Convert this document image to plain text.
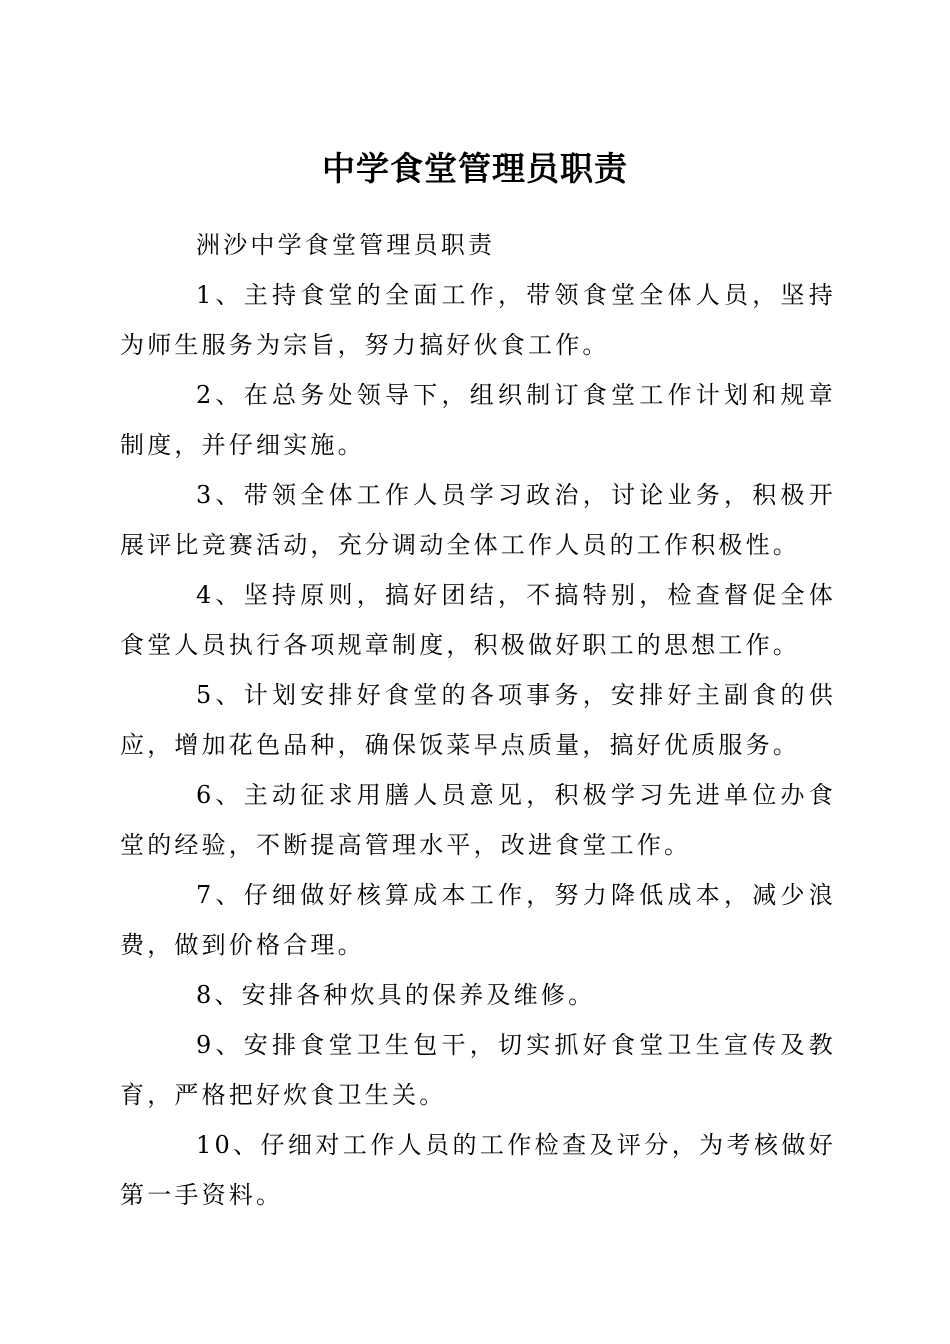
中学食堂管理员职责

洲沙中学食堂管理员职责

1、主持食堂的全面工作，带领食堂全体人员，坚持为师生服务为宗旨，努力搞好伙食工作。

2、在总务处领导下，组织制订食堂工作计划和规章制度，并仔细实施。

3、带领全体工作人员学习政治，讨论业务，积极开展评比竞赛活动，充分调动全体工作人员的工作积极性。

4、坚持原则，搞好团结，不搞特别，检查督促全体食堂人员执行各项规章制度，积极做好职工的思想工作。

5、计划安排好食堂的各项事务，安排好主副食的供应，增加花色品种，确保饭菜早点质量，搞好优质服务。

6、主动征求用膳人员意见，积极学习先进单位办食堂的经验，不断提高管理水平，改进食堂工作。

7、仔细做好核算成本工作，努力降低成本，减少浪费，做到价格合理。

8、安排各种炊具的保养及维修。

9、安排食堂卫生包干，切实抓好食堂卫生宣传及教育，严格把好炊食卫生关。

10、仔细对工作人员的工作检查及评分，为考核做好第一手资料。
